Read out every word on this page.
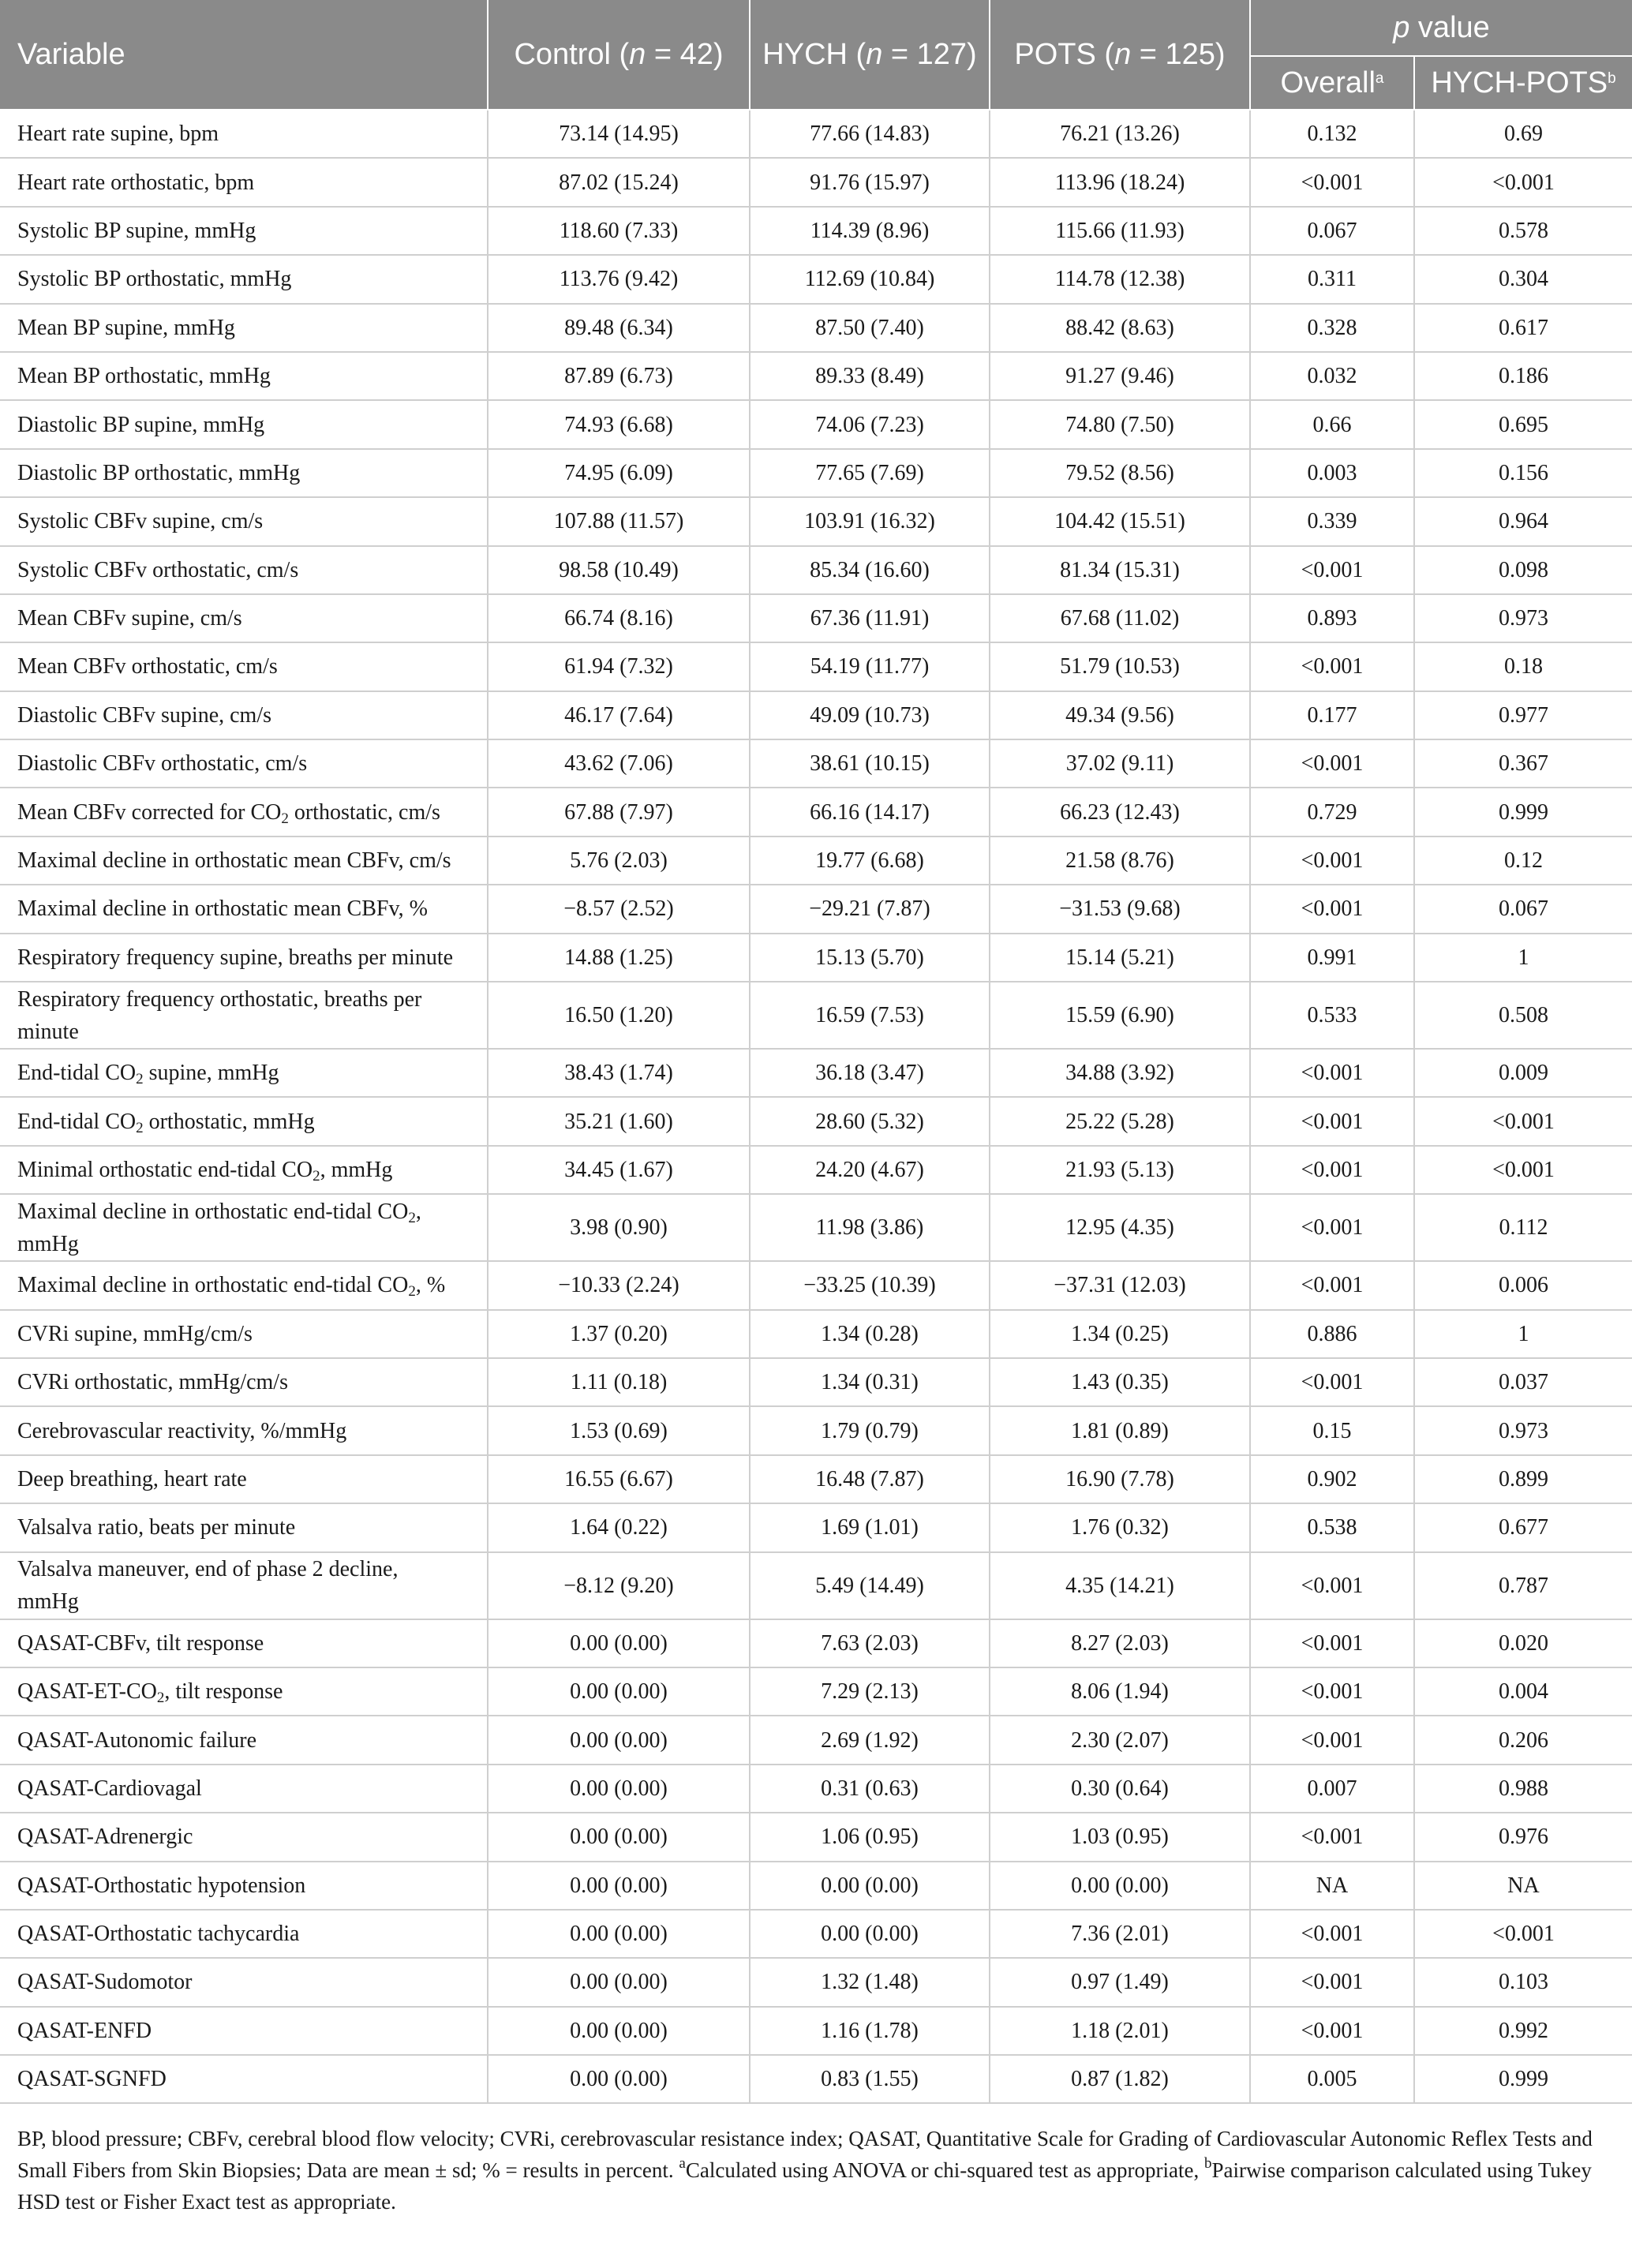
Variable	Control (n = 42)	HYCH (n = 127)	POTS (n = 125)	p value	
				Overall$^a$	HYCH-POTS$^b$
Heart rate supine, bpm	73.14 (14.95)	77.66 (14.83)	76.21 (13.26)	0.132	0.69
Heart rate orthostatic, bpm	87.02 (15.24)	91.76 (15.97)	113.96 (18.24)	<0.001	<0.001
Systolic BP supine, mmHg	118.60 (7.33)	114.39 (8.96)	115.66 (11.93)	0.067	0.578
Systolic BP orthostatic, mmHg	113.76 (9.42)	112.69 (10.84)	114.78 (12.38)	0.311	0.304
Mean BP supine, mmHg	89.48 (6.34)	87.50 (7.40)	88.42 (8.63)	0.328	0.617
Mean BP orthostatic, mmHg	87.89 (6.73)	89.33 (8.49)	91.27 (9.46)	0.032	0.186
Diastolic BP supine, mmHg	74.93 (6.68)	74.06 (7.23)	74.80 (7.50)	0.66	0.695
Diastolic BP orthostatic, mmHg	74.95 (6.09)	77.65 (7.69)	79.52 (8.56)	0.003	0.156
Systolic CBFv supine, cm/s	107.88 (11.57)	103.91 (16.32)	104.42 (15.51)	0.339	0.964
Systolic CBFv orthostatic, cm/s	98.58 (10.49)	85.34 (16.60)	81.34 (15.31)	<0.001	0.098
Mean CBFv supine, cm/s	66.74 (8.16)	67.36 (11.91)	67.68 (11.02)	0.893	0.973
Mean CBFv orthostatic, cm/s	61.94 (7.32)	54.19 (11.77)	51.79 (10.53)	<0.001	0.18
Diastolic CBFv supine, cm/s	46.17 (7.64)	49.09 (10.73)	49.34 (9.56)	0.177	0.977
Diastolic CBFv orthostatic, cm/s	43.62 (7.06)	38.61 (10.15)	37.02 (9.11)	<0.001	0.367
Mean CBFv corrected for $CO_2$ orthostatic, cm/s	67.88 (7.97)	66.16 (14.17)	66.23 (12.43)	0.729	0.999
Maximal decline in orthostatic mean CBFv, cm/s	5.76 (2.03)	19.77 (6.68)	21.58 (8.76)	<0.001	0.12
Maximal decline in orthostatic mean CBFv, %	−8.57 (2.52)	−29.21 (7.87)	−31.53 (9.68)	<0.001	0.067
Respiratory frequency supine, breaths per minute	14.88 (1.25)	15.13 (5.70)	15.14 (5.21)	0.991	1
Respiratory frequency orthostatic, breaths per
minute	16.50 (1.20)	16.59 (7.53)	15.59 (6.90)	0.533	0.508
End-tidal $CO_2$ supine, mmHg	38.43 (1.74)	36.18 (3.47)	34.88 (3.92)	<0.001	0.009
End-tidal $CO_2$ orthostatic, mmHg	35.21 (1.60)	28.60 (5.32)	25.22 (5.28)	<0.001	<0.001
Minimal orthostatic end-tidal $CO_2$, mmHg	34.45 (1.67)	24.20 (4.67)	21.93 (5.13)	<0.001	<0.001
Maximal decline in orthostatic end-tidal $CO_2$,
mmHg	3.98 (0.90)	11.98 (3.86)	12.95 (4.35)	<0.001	0.112
Maximal decline in orthostatic end-tidal $CO_2$, %	−10.33 (2.24)	−33.25 (10.39)	−37.31 (12.03)	<0.001	0.006
CVRi supine, mmHg/cm/s	1.37 (0.20)	1.34 (0.28)	1.34 (0.25)	0.886	1
CVRi orthostatic, mmHg/cm/s	1.11 (0.18)	1.34 (0.31)	1.43 (0.35)	<0.001	0.037
Cerebrovascular reactivity, %/mmHg	1.53 (0.69)	1.79 (0.79)	1.81 (0.89)	0.15	0.973
Deep breathing, heart rate	16.55 (6.67)	16.48 (7.87)	16.90 (7.78)	0.902	0.899
Valsalva ratio, beats per minute	1.64 (0.22)	1.69 (1.01)	1.76 (0.32)	0.538	0.677
Valsalva maneuver, end of phase 2 decline,
mmHg	−8.12 (9.20)	5.49 (14.49)	4.35 (14.21)	<0.001	0.787
QASAT-CBFv, tilt response	0.00 (0.00)	7.63 (2.03)	8.27 (2.03)	<0.001	0.020
QASAT-$ET-CO_2$, tilt response	0.00 (0.00)	7.29 (2.13)	8.06 (1.94)	<0.001	0.004
QASAT-Autonomic failure	0.00 (0.00)	2.69 (1.92)	2.30 (2.07)	<0.001	0.206
QASAT-Cardiovagal	0.00 (0.00)	0.31 (0.63)	0.30 (0.64)	0.007	0.988
QASAT-Adrenergic	0.00 (0.00)	1.06 (0.95)	1.03 (0.95)	<0.001	0.976
QASAT-Orthostatic hypotension	0.00 (0.00)	0.00 (0.00)	0.00 (0.00)	NA	NA
QASAT-Orthostatic tachycardia	0.00 (0.00)	0.00 (0.00)	7.36 (2.01)	<0.001	<0.001
QASAT-Sudomotor	0.00 (0.00)	1.32 (1.48)	0.97 (1.49)	<0.001	0.103
QASAT-ENFD	0.00 (0.00)	1.16 (1.78)	1.18 (2.01)	<0.001	0.992
QASAT-SGNFD	0.00 (0.00)	0.83 (1.55)	0.87 (1.82)	0.005	0.999

BP, blood pressure; CBFv, cerebral blood flow velocity; CVRi, cerebrovascular resistance index; QASAT, Quantitative Scale for Grading of Cardiovascular Autonomic Reflex Tests and Small Fibers from Skin Biopsies; Data are mean ± sd; % = results in percent. $^a$Calculated using ANOVA or chi-squared test as appropriate, $^b$Pairwise comparison calculated using Tukey HSD test or Fisher Exact test as appropriate.
